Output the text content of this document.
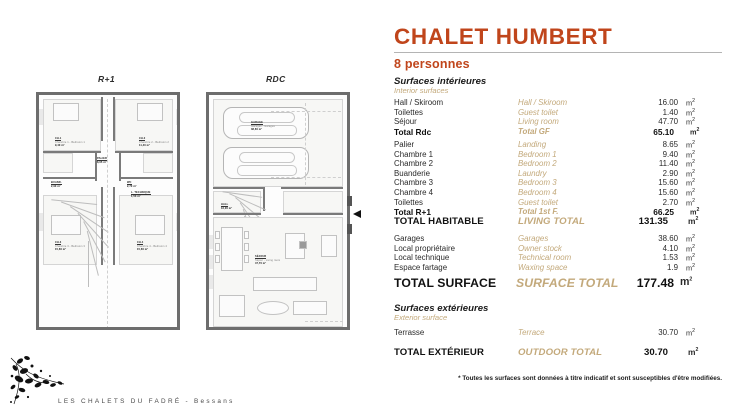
R+1	RDC
CH.1
Chambre 1 - Bedroom 1
9,40 m²
CH.2
Chambre 2 - Bedroom 2
11,40 m²
PALIER
8,65 m²
BUAND.
2,90 m²
WC
2,70 m²
L. TECHNIQUE
1,53 m²
CH.3
Chambre 3 - Bedroom 3
15,60 m²
CH.4
Chambre 4 - Bedroom 4
15,60 m²
GARAGE
Garages - Garages
38,60 m²
HALL
16,00 m²
SÉJOUR
Séjour - Living room
47,70 m²
LES CHALETS DU FADRÉ - Bessans
CHALET HUMBERT
8 personnes
Surfaces intérieures
Interior surfaces
Hall / Skiroom	Hall / Skiroom	16.00 $m^2$
Toilettes	Guest toilet	1.40 $m^2$
Séjour	Living room	47.70 $m^2$
Total Rdc	Total GF	65.10 $m^2$
Palier	Landing	8.65 $m^2$
Chambre 1	Bedroom 1	9.40 $m^2$
Chambre 2	Bedroom 2	11.40 $m^2$
Buanderie	Laundry	2.90 $m^2$
Chambre 3	Bedroom 3	15.60 $m^2$
Chambre 4	Bedroom 4	15.60 $m^2$
Toilettes	Guest toilet	2.70 $m^2$
Total R+1	Total 1st F.	66.25 $m^2$
TOTAL HABITABLE	LIVING TOTAL	131.35 $m^2$
Garages	Garages	38.60 $m^2$
Local propriétaire	Owner stock	4.10 $m^2$
Local technique	Technical room	1.53 $m^2$
Espace fartage	Waxing space	1.9 $m^2$
TOTAL SURFACE SURFACE TOTAL	177.48 $m^2$
Surfaces extérieures
Exterior surface
Terrasse	Terrace	30.70 $m^2$
TOTAL EXTÉRIEUR	OUTDOOR TOTAL	30.70 $m^2$
* Toutes les surfaces sont données à titre indicatif et sont susceptibles d'être modifiées.
